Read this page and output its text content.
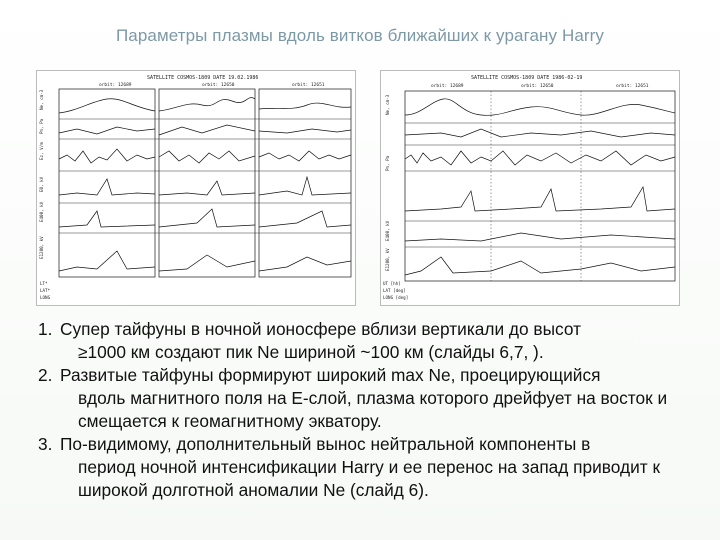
Параметры плазмы вдоль витков ближайших к урагану Harry
SATELLITE COSMOS-1809 DATE 19.02.1986
orbit: 12689	orbit: 12650	orbit: 12651
Ne, cm-3
Pn, Pa
Ez, V/m
E0, kV
E400, kV
E1200, kV
LT*
LAT*
LONG
SATELLITE COSMOS-1809 DATE 1986-02-19
orbit: 12689	orbit: 12650	orbit: 12651
Ne, cm-3
Pn, Pa
E400, kV
E1200, kV
UT [hh]
LAT [deg]
LONG [deg]
1. Супер тайфуны в ночной ионосфере вблизи вертикали до высот
≥1000 км создают пик Ne шириной ~100 км (слайды 6,7, ).
2. Развитые тайфуны формируют широкий max Ne, проецирующийся
вдоль магнитного поля на E-слой, плазма которого дрейфует на восток и смещается к геомагнитному экватору.
3. По-видимому, дополнительный вынос нейтральной компоненты в
период ночной интенсификации Harry и ее перенос на запад приводит к широкой долготной аномалии Ne (слайд 6).
